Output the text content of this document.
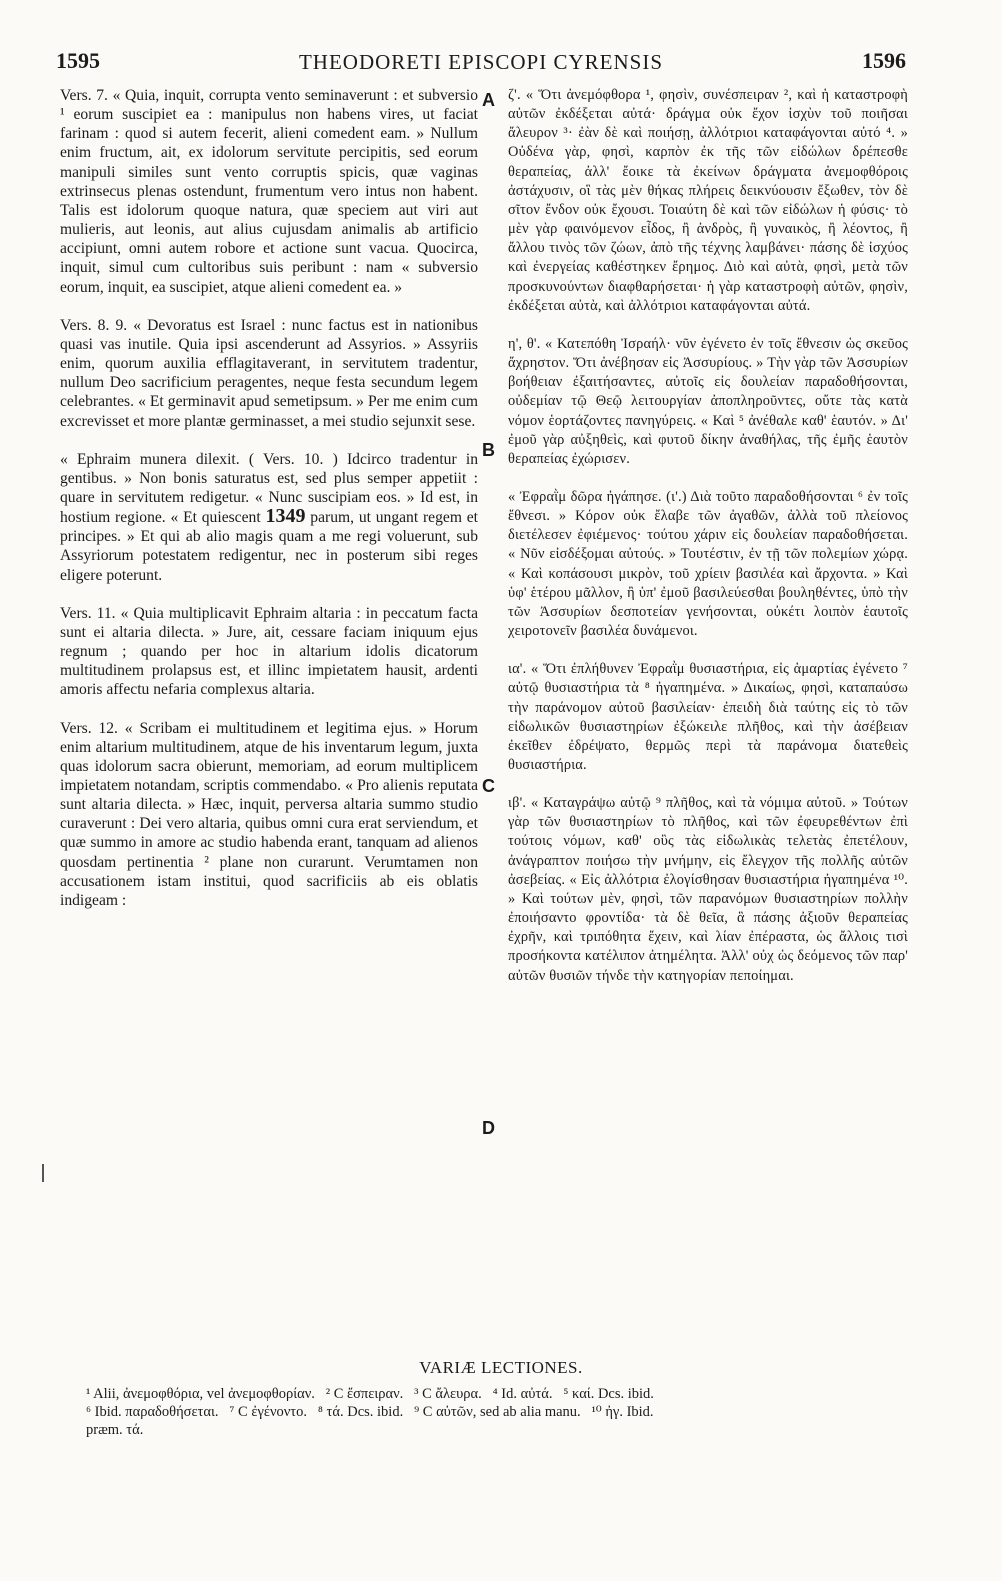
1595	THEODORETI EPISCOPI CYRENSIS	1596

Vers. 7. « Quia, inquit, corrupta vento seminaverunt : et subversio ¹ eorum suscipiet ea : manipulus non habens vires, ut faciat farinam : quod si autem fecerit, alieni comedent eam. » Nullum enim fructum, ait, ex idolorum servitute percipitis, sed eorum manipuli similes sunt vento corruptis spicis, quæ vaginas extrinsecus plenas ostendunt, frumentum vero intus non habent. Talis est idolorum quoque natura, quæ speciem aut viri aut mulieris, aut leonis, aut alius cujusdam animalis ab artificio accipiunt, omni autem robore et actione sunt vacua. Quocirca, inquit, simul cum cultoribus suis peribunt : nam « subversio eorum, inquit, ea suscipiet, atque alieni comedent ea. »

Vers. 8. 9. « Devoratus est Israel : nunc factus est in nationibus quasi vas inutile. Quia ipsi ascenderunt ad Assyrios. » Assyriis enim, quorum auxilia efflagitaverant, in servitutem tradentur, nullum Deo sacrificium peragentes, neque festa secundum legem celebrantes. « Et germinavit apud semetipsum. » Per me enim cum excrevisset et more plantæ germinasset, a mei studio sejunxit sese.

« Ephraim munera dilexit. ( Vers. 10. ) Idcirco tradentur in gentibus. » Non bonis saturatus est, sed plus semper appetiit : quare in servitutem redigetur. « Nunc suscipiam eos. » Id est, in hostium regione. « Et quiescent 1349 parum, ut ungant regem et principes. » Et qui ab alio magis quam a me regi voluerunt, sub Assyriorum potestatem redigentur, nec in posterum sibi reges eligere poterunt.

Vers. 11. « Quia multiplicavit Ephraim altaria : in peccatum facta sunt ei altaria dilecta. » Jure, ait, cessare faciam iniquum ejus regnum ; quando per hoc in altarium idolis dicatorum multitudinem prolapsus est, et illinc impietatem hausit, ardenti amoris affectu nefaria complexus altaria.

Vers. 12. « Scribam ei multitudinem et legitima ejus. » Horum enim altarium multitudinem, atque de his inventarum legum, juxta quas idolorum sacra obierunt, memoriam, ad eorum multiplicem impietatem notandam, scriptis commendabo. « Pro alienis reputata sunt altaria dilecta. » Hæc, inquit, perversa altaria summo studio curaverunt : Dei vero altaria, quibus omni cura erat serviendum, et quæ summo in amore ac studio habenda erant, tanquam ad alienos quosdam pertinentia ² plane non curarunt. Verumtamen non accusationem istam institui, quod sacrificiis ab eis oblatis indigeam :

A
B
C
D

ζ'. « Ὅτι ἀνεμόφθορα ¹, φησὶν, συνέσπειραν ², καὶ ἡ καταστροφὴ αὐτῶν ἐκδέξεται αὐτά· δράγμα οὐκ ἔχον ἰσχὺν τοῦ ποιῆσαι ἄλευρον ³· ἐὰν δὲ καὶ ποιήσῃ, ἀλλότριοι καταφάγονται αὐτό ⁴. » Οὐδένα γὰρ, φησὶ, καρπὸν ἐκ τῆς τῶν εἰδώλων δρέπεσθε θεραπείας, ἀλλ' ἔοικε τὰ ἐκείνων δράγματα ἀνεμοφθόροις ἀστάχυσιν, οἳ τὰς μὲν θήκας πλήρεις δεικνύουσιν ἔξωθεν, τὸν δὲ σῖτον ἔνδον οὐκ ἔχουσι. Τοιαύτη δὲ καὶ τῶν εἰδώλων ἡ φύσις· τὸ μὲν γὰρ φαινόμενον εἶδος, ἢ ἀνδρὸς, ἢ γυναικὸς, ἢ λέοντος, ἢ ἄλλου τινὸς τῶν ζώων, ἀπὸ τῆς τέχνης λαμβάνει· πάσης δὲ ἰσχύος καὶ ἐνεργείας καθέστηκεν ἔρημος. Διὸ καὶ αὐτὰ, φησὶ, μετὰ τῶν προσκυνούντων διαφθαρήσεται· ἡ γὰρ καταστροφὴ αὐτῶν, φησὶν, ἐκδέξεται αὐτὰ, καὶ ἀλλότριοι καταφάγονται αὐτά.

η', θ'. « Κατεπόθη Ἰσραήλ· νῦν ἐγένετο ἐν τοῖς ἔθνεσιν ὡς σκεῦος ἄχρηστον. Ὅτι ἀνέβησαν εἰς Ἀσσυρίους. » Τὴν γὰρ τῶν Ἀσσυρίων βοήθειαν ἐξαιτήσαντες, αὐτοῖς εἰς δουλείαν παραδοθήσονται, οὐδεμίαν τῷ Θεῷ λειτουργίαν ἀποπληροῦντες, οὔτε τὰς κατὰ νόμον ἑορτάζοντες πανηγύρεις. « Καὶ ⁵ ἀνέθαλε καθ' ἑαυτόν. » Δι' ἐμοῦ γὰρ αὐξηθεὶς, καὶ φυτοῦ δίκην ἀναθήλας, τῆς ἐμῆς ἑαυτὸν θεραπείας ἐχώρισεν.

« Ἐφραῒμ δῶρα ἠγάπησε. (ι'.) Διὰ τοῦτο παραδοθήσονται ⁶ ἐν τοῖς ἔθνεσι. » Κόρον οὐκ ἔλαβε τῶν ἀγαθῶν, ἀλλὰ τοῦ πλείονος διετέλεσεν ἐφιέμενος· τούτου χάριν εἰς δουλείαν παραδοθήσεται. « Νῦν εἰσδέξομαι αὐτούς. » Τουτέστιν, ἐν τῇ τῶν πολεμίων χώρᾳ. « Καὶ κοπάσουσι μικρὸν, τοῦ χρίειν βασιλέα καὶ ἄρχοντα. » Καὶ ὑφ' ἑτέρου μᾶλλον, ἢ ὑπ' ἐμοῦ βασιλεύεσθαι βουληθέντες, ὑπὸ τὴν τῶν Ἀσσυρίων δεσποτείαν γενήσονται, οὐκέτι λοιπὸν ἑαυτοῖς χειροτονεῖν βασιλέα δυνάμενοι.

ια'. « Ὅτι ἐπλήθυνεν Ἐφραῒμ θυσιαστήρια, εἰς ἁμαρτίας ἐγένετο ⁷ αὐτῷ θυσιαστήρια τὰ ⁸ ἠγαπημένα. » Δικαίως, φησὶ, καταπαύσω τὴν παράνομον αὐτοῦ βασιλείαν· ἐπειδὴ διὰ ταύτης εἰς τὸ τῶν εἰδωλικῶν θυσιαστηρίων ἐξώκειλε πλῆθος, καὶ τὴν ἀσέβειαν ἐκεῖθεν ἐδρέψατο, θερμῶς περὶ τὰ παράνομα διατεθεὶς θυσιαστήρια.

ιβ'. « Καταγράψω αὐτῷ ⁹ πλῆθος, καὶ τὰ νόμιμα αὐτοῦ. » Τούτων γὰρ τῶν θυσιαστηρίων τὸ πλῆθος, καὶ τῶν ἐφευρεθέντων ἐπὶ τούτοις νόμων, καθ' οὓς τὰς εἰδωλικὰς τελετὰς ἐπετέλουν, ἀνάγραπτον ποιήσω τὴν μνήμην, εἰς ἔλεγχον τῆς πολλῆς αὐτῶν ἀσεβείας. « Εἰς ἀλλότρια ἐλογίσθησαν θυσιαστήρια ἠγαπημένα ¹⁰. » Καὶ τούτων μὲν, φησὶ, τῶν παρανόμων θυσιαστηρίων πολλὴν ἐποιήσαντο φροντίδα· τὰ δὲ θεῖα, ἃ πάσης ἀξιοῦν θεραπείας ἐχρῆν, καὶ τριπόθητα ἔχειν, καὶ λίαν ἐπέραστα, ὡς ἄλλοις τισὶ προσήκοντα κατέλιπον ἀτημέλητα. Ἀλλ' οὐχ ὡς δεόμενος τῶν παρ' αὐτῶν θυσιῶν τήνδε τὴν κατηγορίαν πεποίημαι.

VARIÆ LECTIONES.

¹ Alii, ἀνεμοφθόρια, vel ἀνεμοφθορίαν.   ² C ἔσπειραν.   ³ C ἄλευρα.   ⁴ Id. αὐτά.   ⁵ καί. Dcs. ibid.

⁶ Ibid. παραδοθήσεται.   ⁷ C ἐγένοντο.   ⁸ τά. Dcs. ibid.   ⁹ C αὐτῶν, sed ab alia manu.   ¹⁰ ἠγ. Ibid.

præm. τά.
